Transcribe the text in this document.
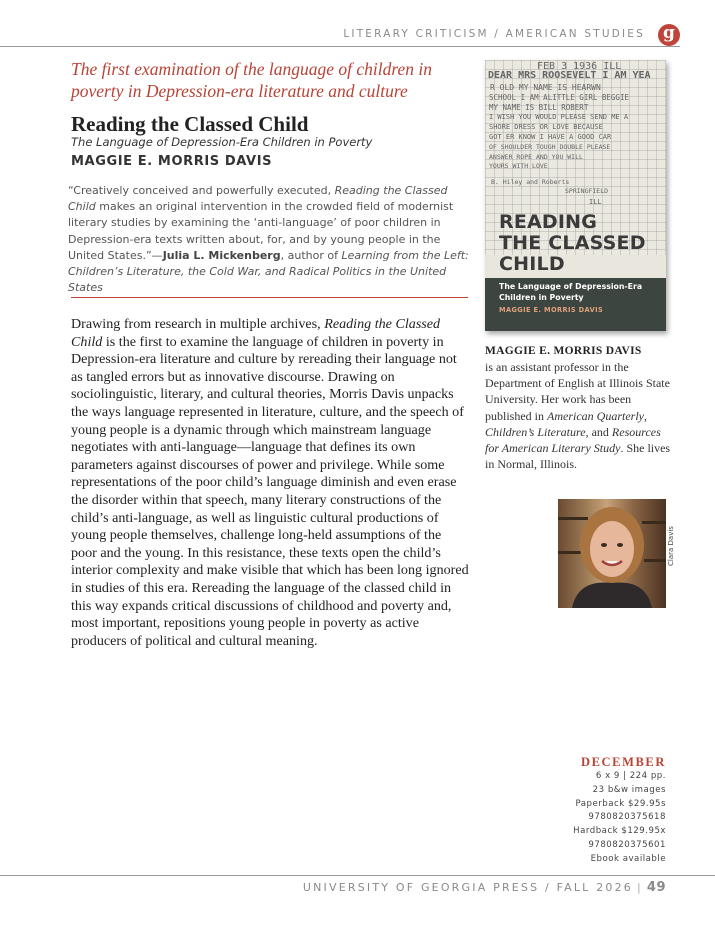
LITERARY CRITICISM / AMERICAN STUDIES g
The first examination of the language of children in poverty in Depression-era literature and culture
Reading the Classed Child
The Language of Depression-Era Children in Poverty
MAGGIE E. MORRIS DAVIS
“Creatively conceived and powerfully executed, Reading the Classed Child makes an original intervention in the crowded field of modernist literary studies by examining the ‘anti-language’ of poor children in Depression-era texts written about, for, and by young people in the United States.”—Julia L. Mickenberg, author of Learning from the Left: Children’s Literature, the Cold War, and Radical Politics in the United States
Drawing from research in multiple archives, Reading the Classed Child is the first to examine the language of children in poverty in Depression-era literature and culture by rereading their language not as tangled errors but as innovative discourse. Drawing on sociolinguistic, literary, and cultural theories, Morris Davis unpacks the ways language represented in literature, culture, and the speech of young people is a dynamic through which mainstream language negotiates with anti-language—language that defines its own parameters against discourses of power and privilege. While some representations of the poor child’s language diminish and even erase the disorder within that speech, many literary constructions of the child’s anti-language, as well as linguistic cultural productions of young people themselves, challenge long-held assumptions of the poor and the young. In this resistance, these texts open the child’s interior complexity and make visible that which has been long ignored in studies of this era. Rereading the language of the classed child in this way expands critical discussions of childhood and poverty and, most important, repositions young people in poverty as active producers of political and cultural meaning.
FEB 3 1936 ILL
DEAR MRS ROOSEVELT I AM YEA
R OLD MY NAME IS HEARWN
SCHOOL I AM ALITTLE GIRL BEGGIE
MY NAME IS BILL ROBERT
I WISH YOU WOULD PLEASE SEND ME A
SHORE DRESS OR LOVE BECAUSE
GOT ER KNOW I HAVE A GOOD CAR
OF SHOULDER TOUGH DOUBLE PLEASE
ANSWER ROPE AND YOU WILL
YOURS WITH LOVE
B. Hiley and Roberts
SPRINGFIELD
ILL
READING
THE CLASSED
CHILD
The Language of Depression-Era Children in Poverty
MAGGIE E. MORRIS DAVIS
MAGGIE E. MORRIS DAVIS
is an assistant professor in the Department of English at Illinois State University. Her work has been published in American Quarterly, Children’s Literature, and Resources for American Literary Study. She lives in Normal, Illinois.
Clara Davis
DECEMBER
6 x 9 | 224 pp.
23 b&w images
Paperback $29.95s
9780820375618
Hardback $129.95x
9780820375601
Ebook available
UNIVERSITY OF GEORGIA PRESS / FALL 2026 | 49
